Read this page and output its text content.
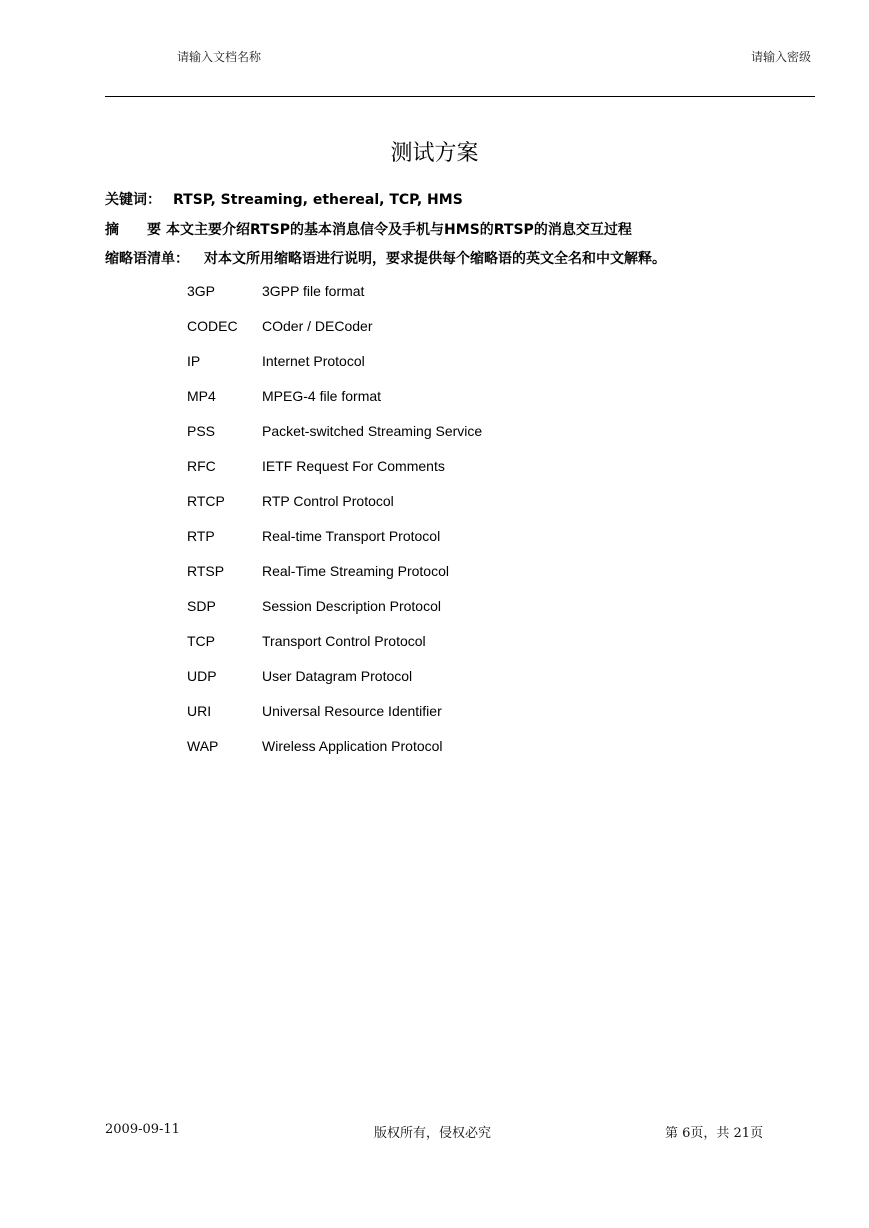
请输入文档名称	请输入密级
测试方案
关键词： RTSP, Streaming, ethereal, TCP, HMS
摘　　要：本文主要介绍RTSP的基本消息信令及手机与HMS的RTSP的消息交互过程
缩略语清单： 对本文所用缩略语进行说明，要求提供每个缩略语的英文全名和中文解释。
3GP	3GPP file format
CODEC	COder / DECoder
IP	Internet Protocol
MP4	MPEG-4 file format
PSS	Packet-switched Streaming Service
RFC	IETF Request For Comments
RTCP	RTP Control Protocol
RTP	Real-time Transport Protocol
RTSP	Real-Time Streaming Protocol
SDP	Session Description Protocol
TCP	Transport Control Protocol
UDP	User Datagram Protocol
URI	Universal Resource Identifier
WAP	Wireless Application Protocol
2009-09-11	版权所有，侵权必究	第 6页，共 21页
